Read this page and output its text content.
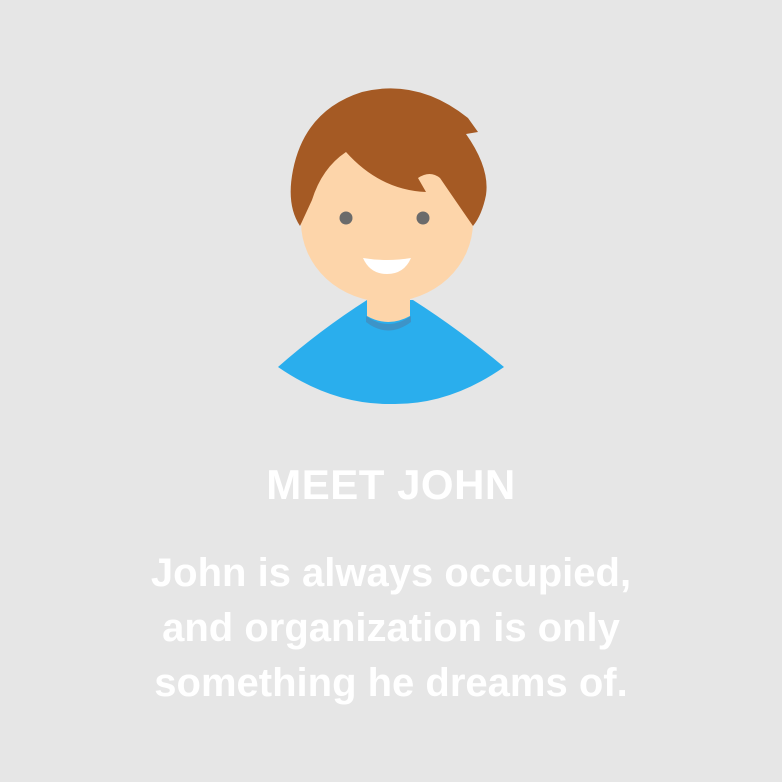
MEET JOHN
John is always occupied,
and organization is only
something he dreams of.
